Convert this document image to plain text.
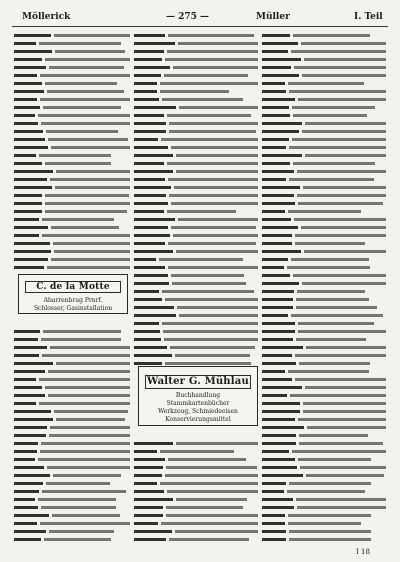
Möllerick	— 275 —	Müller	I. Teil
C. de la Motte
Abarrenbrug Prnrf.
Schlosser, Gasinstallation
Walter G. Mühlau
Buchhandlung
Stammkartenbücher
Werkzeug, Schmiedeeisen
Konservierungsmittel
I 18
